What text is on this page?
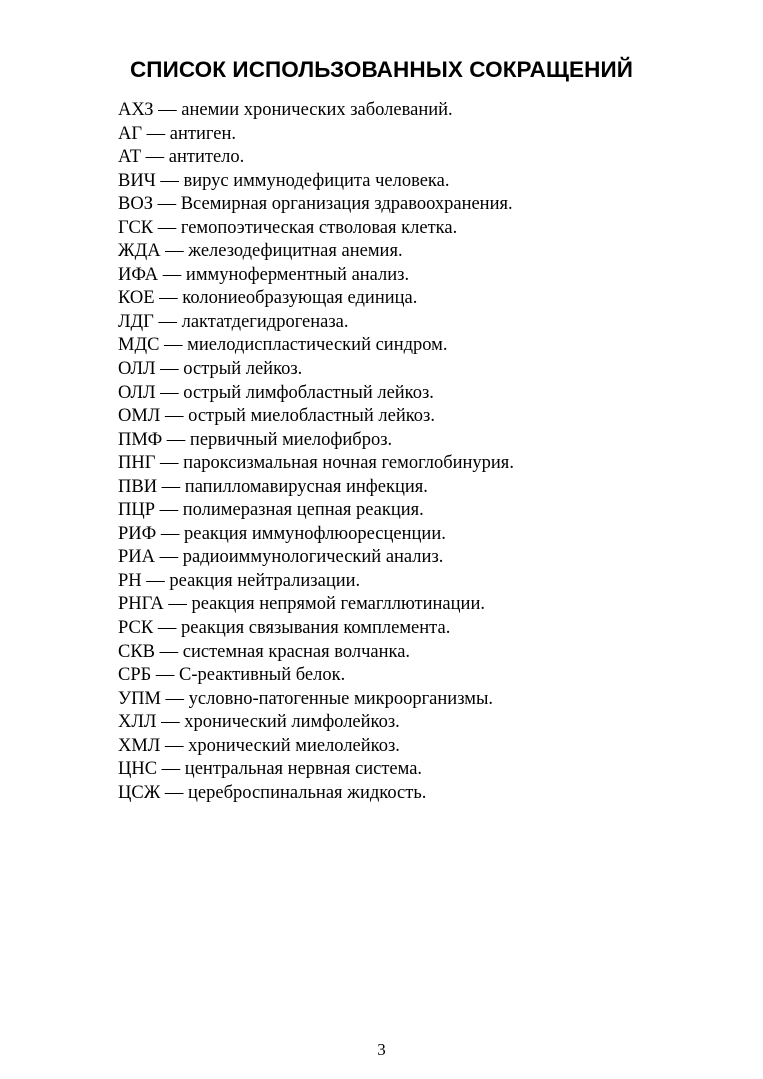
СПИСОК ИСПОЛЬЗОВАННЫХ СОКРАЩЕНИЙ
АХЗ — анемии хронических заболеваний.
АГ — антиген.
АТ — антитело.
ВИЧ — вирус иммунодефицита человека.
ВОЗ — Всемирная организация здравоохранения.
ГСК — гемопоэтическая стволовая клетка.
ЖДА — железодефицитная анемия.
ИФА — иммуноферментный анализ.
КОЕ — колониеобразующая единица.
ЛДГ — лактатдегидрогеназа.
МДС — миелодиспластический синдром.
ОЛЛ — острый лейкоз.
ОЛЛ — острый лимфобластный лейкоз.
ОМЛ — острый миелобластный лейкоз.
ПМФ — первичный миелофиброз.
ПНГ — пароксизмальная ночная гемоглобинурия.
ПВИ — папилломавирусная инфекция.
ПЦР — полимеразная цепная реакция.
РИФ — реакция иммунофлюоресценции.
РИА — радиоиммунологический анализ.
РН — реакция нейтрализации.
РНГА — реакция непрямой гемагллютинации.
РСК — реакция связывания комплемента.
СКВ — системная красная волчанка.
СРБ — С-реактивный белок.
УПМ — условно-патогенные микроорганизмы.
ХЛЛ — хронический лимфолейкоз.
ХМЛ — хронический миелолейкоз.
ЦНС — центральная нервная система.
ЦСЖ — цереброспинальная жидкость.
3
